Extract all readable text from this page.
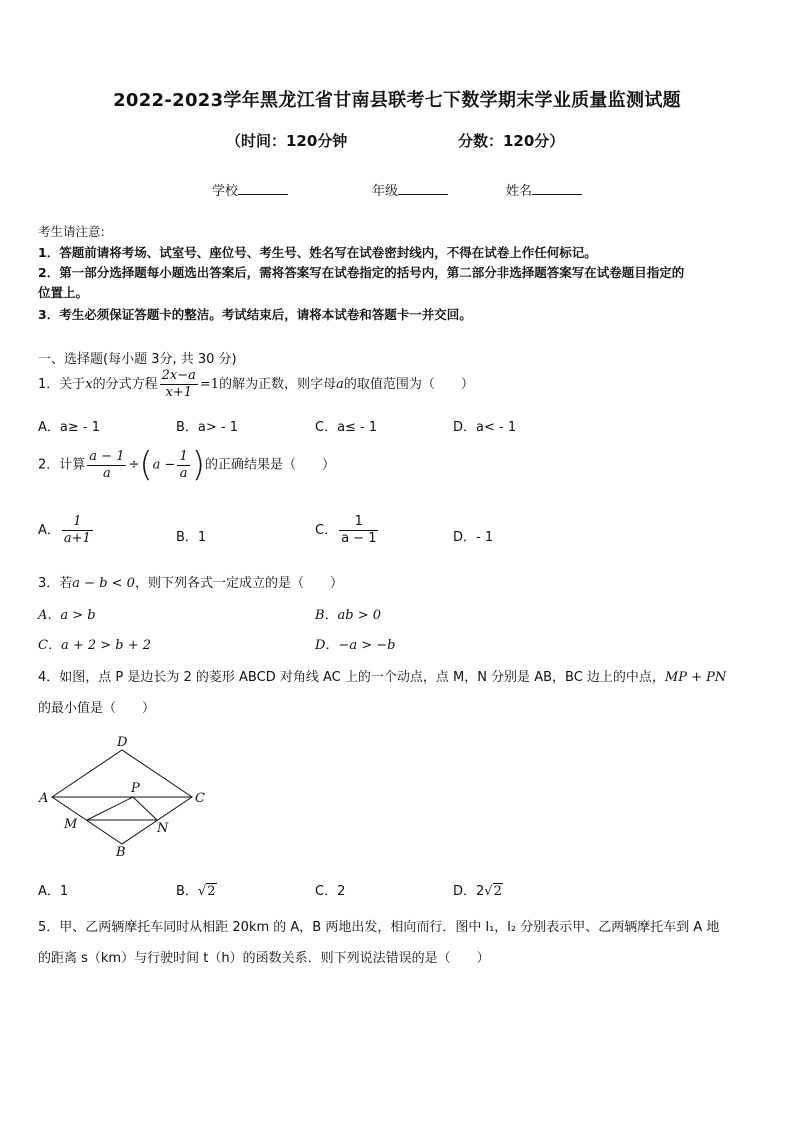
2022-2023学年黑龙江省甘南县联考七下数学期末学业质量监测试题
（时间：120分钟	分数：120分）
学校	年级	姓名
考生请注意:
1．答题前请将考场、试室号、座位号、考生号、姓名写在试卷密封线内，不得在试卷上作任何标记。
2．第一部分选择题每小题选出答案后，需将答案写在试卷指定的括号内，第二部分非选择题答案写在试卷题目指定的
位置上。
3．考生必须保证答题卡的整洁。考试结束后，请将本试卷和答题卡一并交回。
一、选择题(每小题 3分, 共 30 分)
1．关于x的分式方程 $\frac{2x-a}{x+1} =1$的解为正数，则字母a的取值范围为（　　）
A．a≥ - 1	B．a> - 1	C．a≤ - 1	D．a< - 1
2．计算 $\frac{a - 1}{a} \div(a - \frac{1}{a}$ )的正确结果是（　　）
A． $\frac{1}{a+1}$	B．1	C． $\frac{1}{a - 1}$	D．- 1
3．若a − b < 0，则下列各式一定成立的是（　　）
A．a > b	B．ab > 0
C．a + 2 > b + 2	D．−a > −b
4．如图，点 P 是边长为 2 的菱形 ABCD 对角线 AC 上的一个动点，点 M，N 分别是 AB，BC 边上的中点，MP + PN
的最小值是（　　）
D
A	C
P
M	N
B
A．1	B．√2	C．2	D．2√2
5．甲、乙两辆摩托车同时从相距 20km 的 A，B 两地出发，相向而行．图中 l₁，l₂ 分别表示甲、乙两辆摩托车到 A 地
的距离 s（km）与行驶时间 t（h）的函数关系．则下列说法错误的是（　　）
